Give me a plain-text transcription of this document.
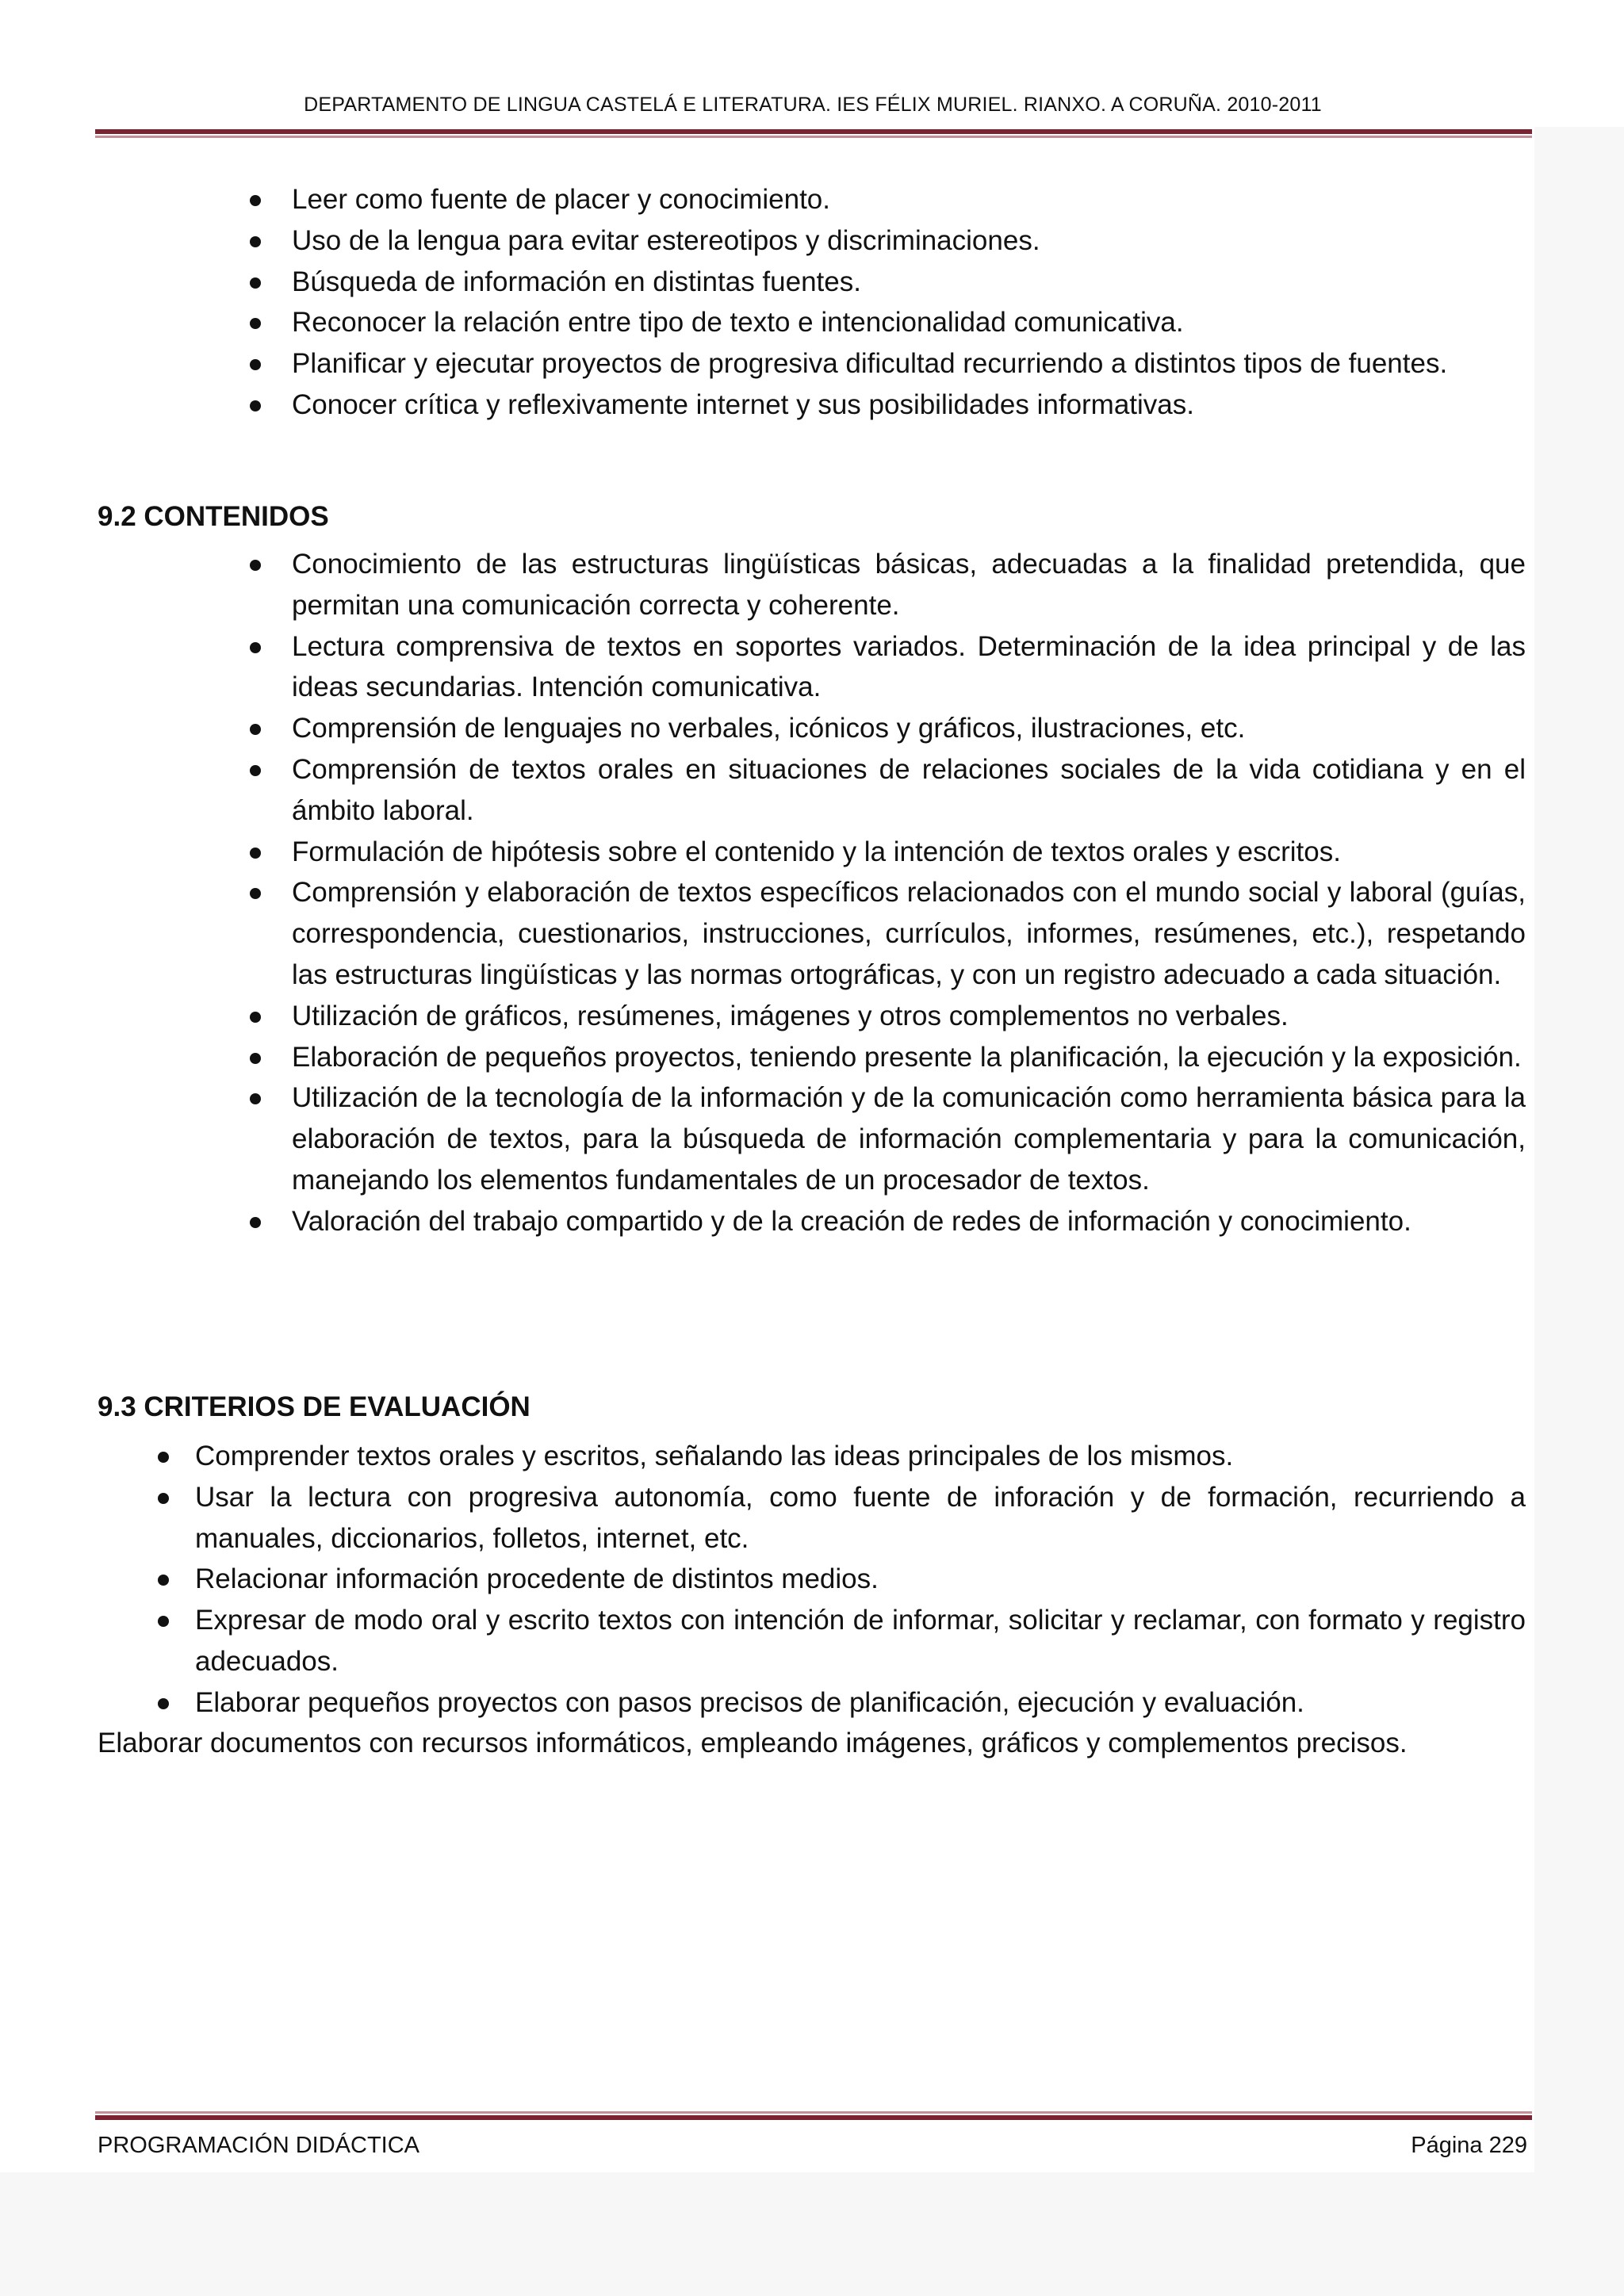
DEPARTAMENTO DE LINGUA CASTELÁ E LITERATURA. IES FÉLIX MURIEL. RIANXO. A CORUÑA. 2010-2011
Leer como fuente de placer y conocimiento.
Uso de la lengua para evitar estereotipos y discriminaciones.
Búsqueda de información en distintas fuentes.
Reconocer la relación entre tipo de texto e intencionalidad comunicativa.
Planificar y ejecutar proyectos de progresiva dificultad recurriendo a distintos tipos de fuentes.
Conocer crítica y reflexivamente internet y sus posibilidades informativas.
9.2 CONTENIDOS
Conocimiento de las estructuras lingüísticas básicas, adecuadas a la finalidad pretendida, que permitan una comunicación correcta y coherente.
Lectura comprensiva de textos en soportes variados. Determinación de la idea principal y de las ideas secundarias. Intención comunicativa.
Comprensión de lenguajes no verbales, icónicos y gráficos, ilustraciones, etc.
Comprensión de textos orales en situaciones de relaciones sociales de la vida cotidiana y en el ámbito laboral.
Formulación de hipótesis sobre el contenido y la intención de textos orales y escritos.
Comprensión y elaboración de textos específicos relacionados con el mundo social y laboral (guías, correspondencia, cuestionarios, instrucciones, currículos, informes, resúmenes, etc.), respetando las estructuras lingüísticas y las normas ortográficas, y con un registro adecuado a cada situación.
Utilización de gráficos, resúmenes, imágenes y otros complementos no verbales.
Elaboración de pequeños proyectos, teniendo presente la planificación, la ejecución y la exposición.
Utilización de la tecnología de la información y de la comunicación como herramienta básica para la elaboración de textos, para la búsqueda de información complementaria y para la comunicación, manejando los elementos fundamentales de un procesador de textos.
Valoración del trabajo compartido y de la creación de redes de información y conocimiento.
9.3 CRITERIOS DE EVALUACIÓN
Comprender textos orales y escritos, señalando las ideas principales de los mismos.
Usar la lectura con progresiva autonomía, como fuente de inforación y de formación, recurriendo a manuales, diccionarios, folletos, internet, etc.
Relacionar información procedente de distintos medios.
Expresar de modo oral y escrito textos con intención de informar, solicitar y reclamar, con formato y registro adecuados.
Elaborar pequeños proyectos con pasos precisos de planificación, ejecución y evaluación.
Elaborar documentos con recursos informáticos, empleando imágenes, gráficos y complementos precisos.
PROGRAMACIÓN DIDÁCTICA	Página 229
